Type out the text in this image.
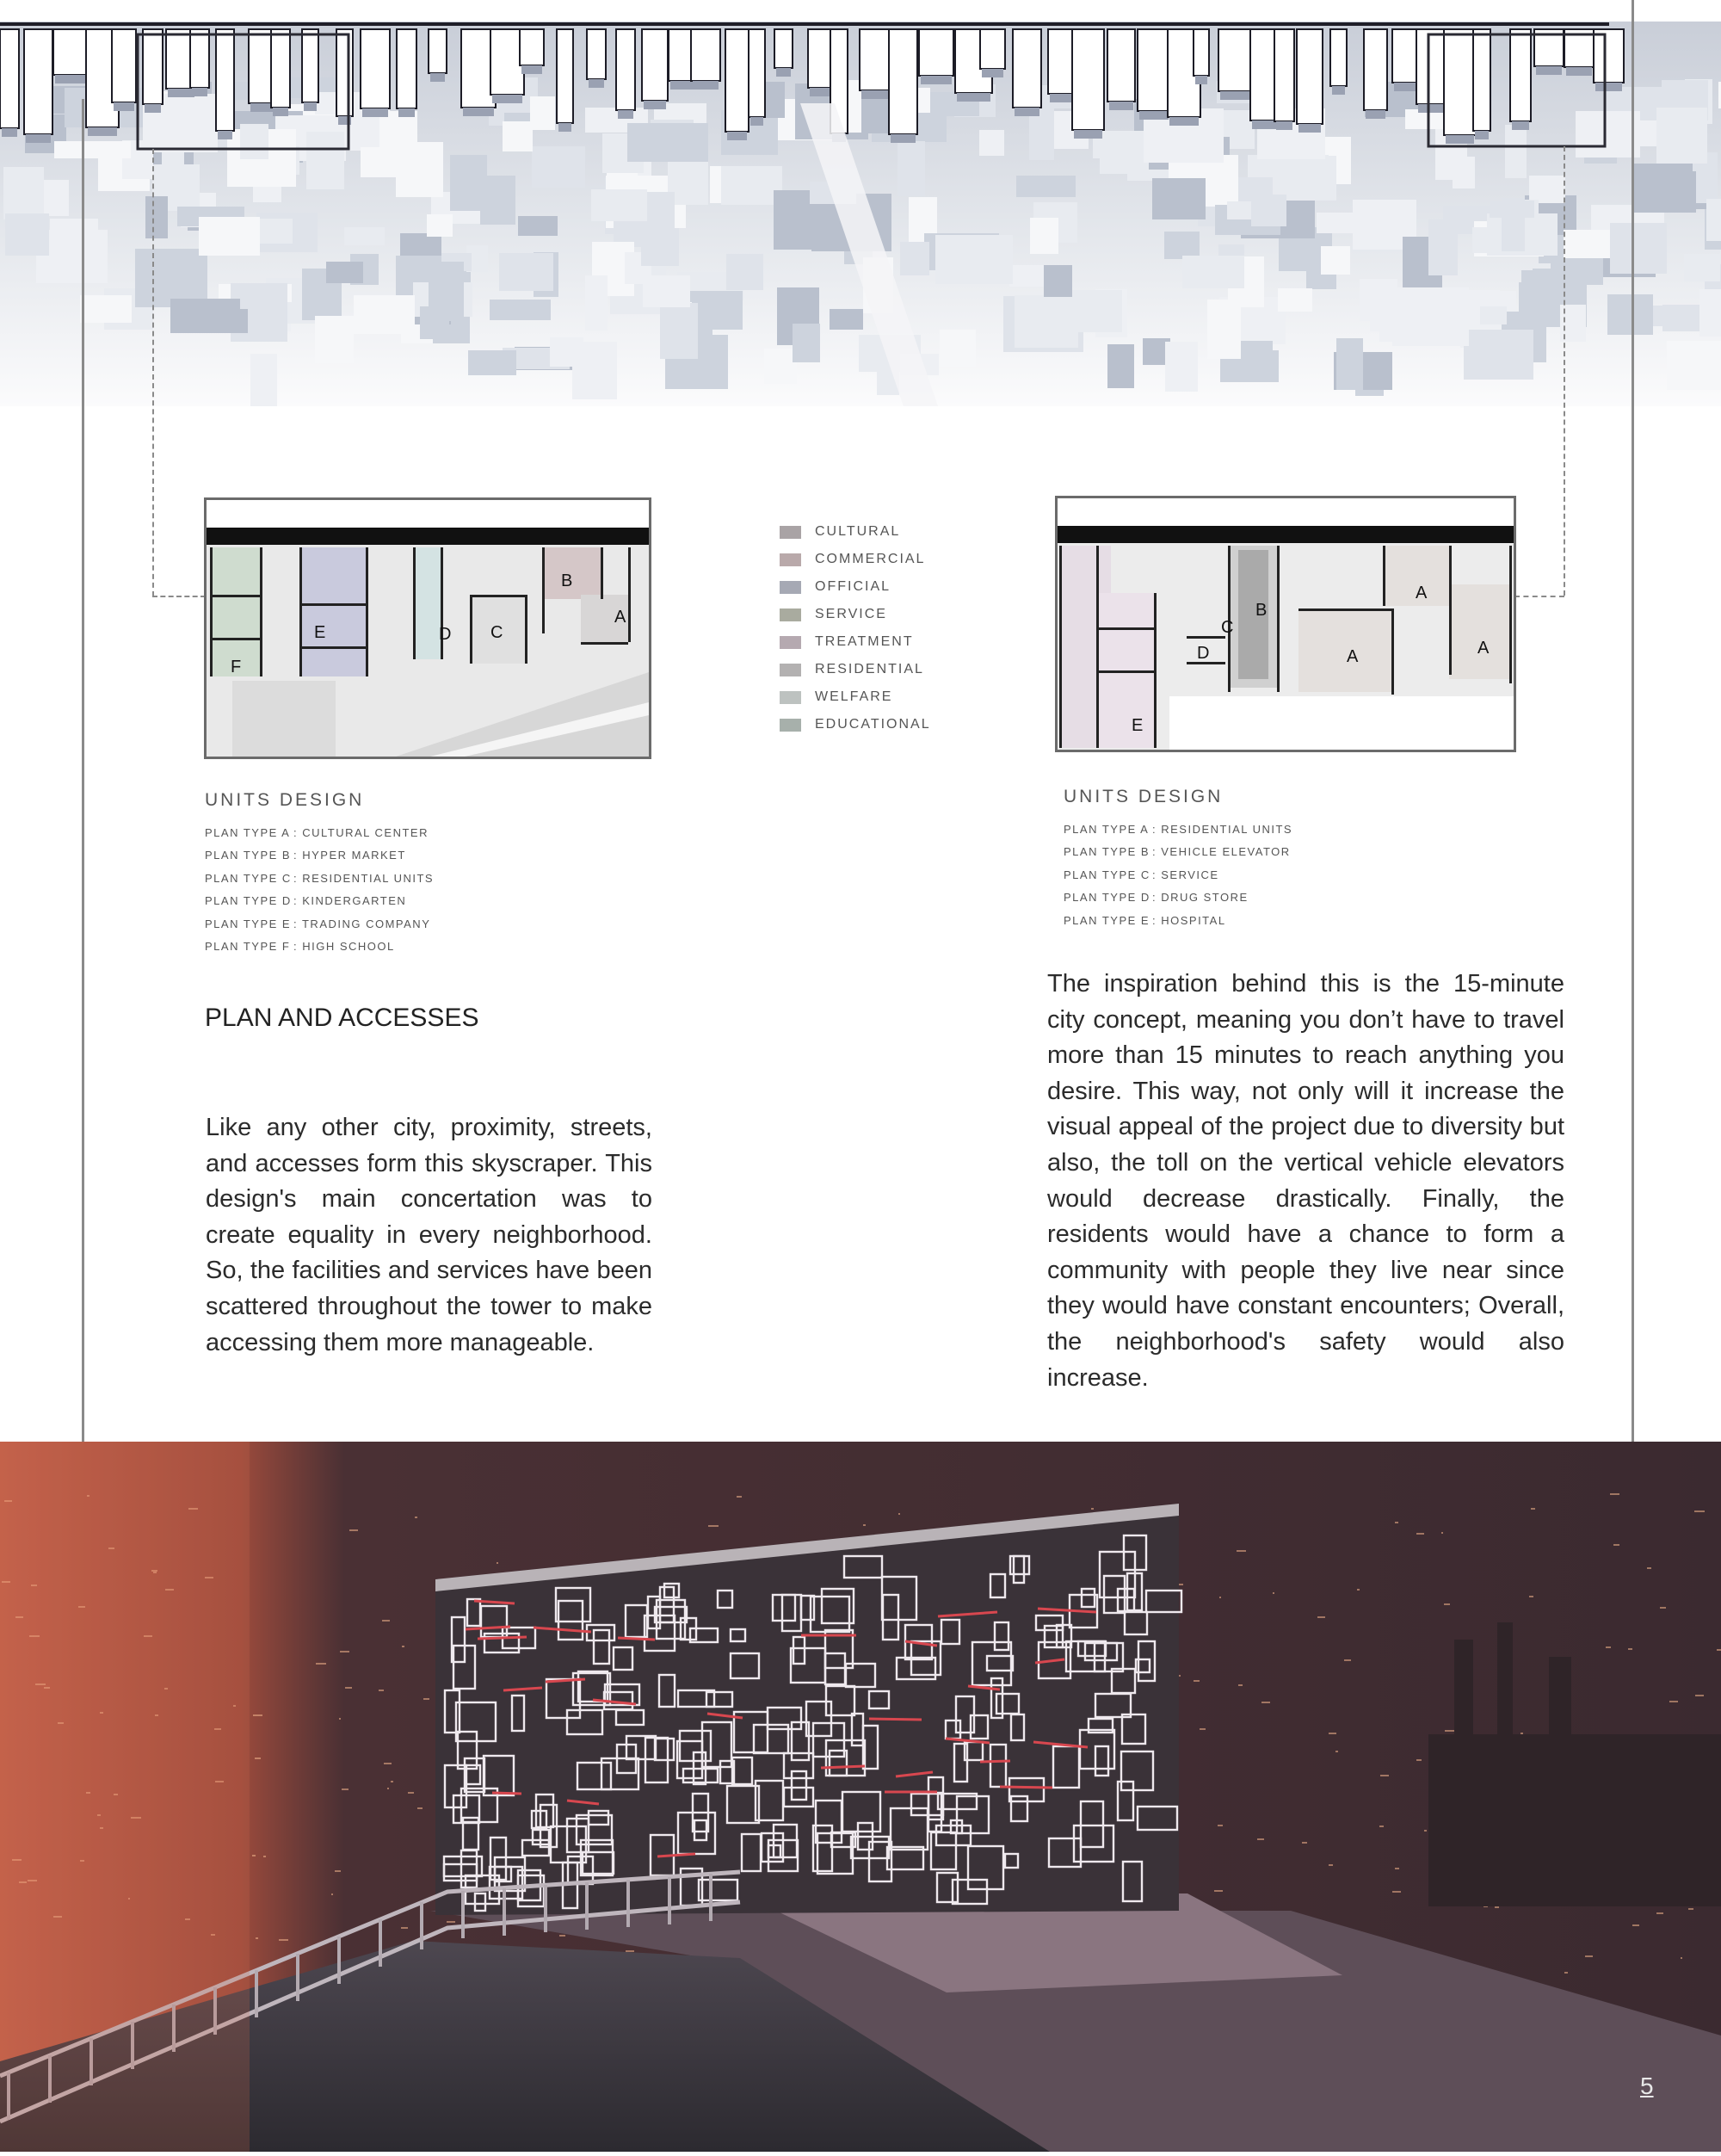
A
B
C
D
E
F
A
A	A
B
C
D
E
CULTURAL
COMMERCIAL
OFFICIAL
SERVICE
TREATMENT
RESIDENTIAL
WELFARE
EDUCATIONAL
UNITS DESIGN
PLAN TYPE A : CULTURAL CENTER
PLAN TYPE B : HYPER MARKET
PLAN TYPE C : RESIDENTIAL UNITS
PLAN TYPE D : KINDERGARTEN
PLAN TYPE E : TRADING COMPANY
PLAN TYPE F : HIGH SCHOOL
UNITS DESIGN
PLAN TYPE A : RESIDENTIAL UNITS
PLAN TYPE B : VEHICLE ELEVATOR
PLAN TYPE C : SERVICE
PLAN TYPE D : DRUG STORE
PLAN TYPE E : HOSPITAL
PLAN AND ACCESSES

Like any other city, proximity, streets, and accesses form this skyscraper. This design's main concertation was to create equality in every neighborhood. So, the facilities and services have been scattered throughout the tower to make accessing them more manageable.

The inspiration behind this is the 15-minute city concept, meaning you don’t have to travel more than 15 minutes to reach anything you desire. This way, not only will it increase the visual appeal of the project due to diversity but also, the toll on the vertical vehicle elevators would decrease drastically. Finally, the residents would have a chance to form a community with people they live near since they would have constant encounters; Overall, the neighborhood's safety would also increase.

5
